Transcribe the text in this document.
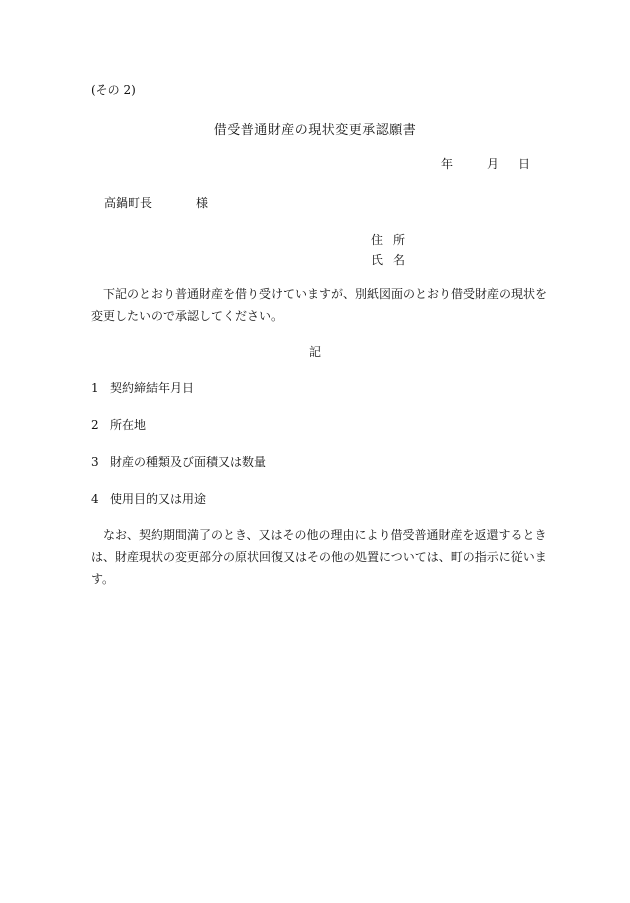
(その 2)
借受普通財産の現状変更承認願書
年	月 日
高鍋町長	様
住 所
氏 名
　下記のとおり普通財産を借り受けていますが、別紙図面のとおり借受財産の現状を変更したいので承認してください。
記
1 契約締結年月日
2 所在地
3 財産の種類及び面積又は数量
4 使用目的又は用途
　なお、契約期間満了のとき、又はその他の理由により借受普通財産を返還するときは、財産現状の変更部分の原状回復又はその他の処置については、町の指示に従います。
